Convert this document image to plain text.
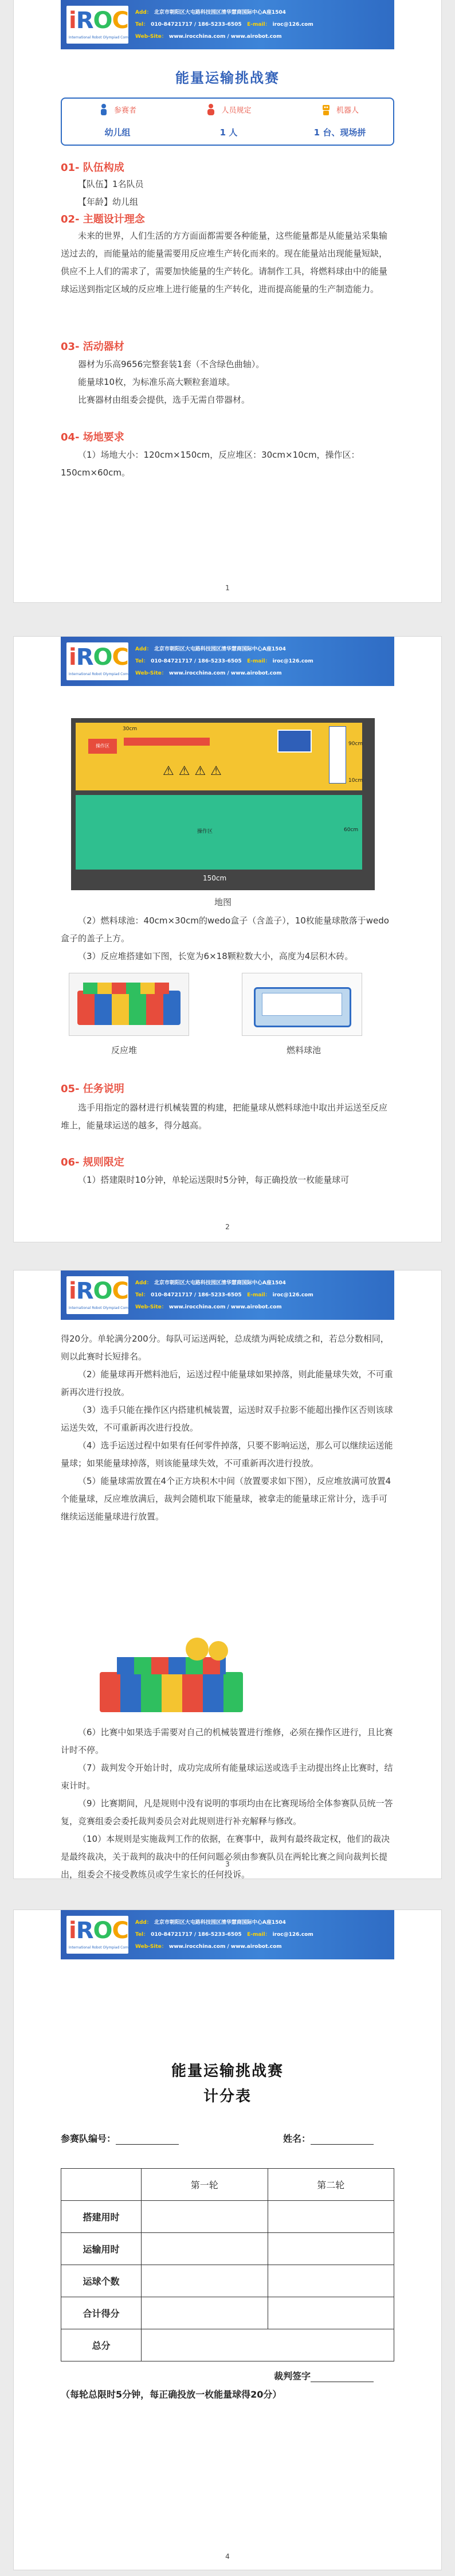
iROC
International Robot Olympiad Committee
Add： 北京市朝阳区大屯路科技园区清华慧商国际中心A座1504
Tel： 010-84721717 / 186-5233-6505 E-mail： iroc@126.com
Web-Site： www.irocchina.com / www.airobot.com
能量运输挑战赛
参赛者
幼儿组
人员规定
1 人
机器人
1 台、现场拼
01- 队伍构成

【队伍】1名队员

【年龄】幼儿组

02- 主题设计理念
未来的世界，人们生活的方方面面都需要各种能量，这些能量都是从能量站采集输送过去的，而能量站的能量需要用反应堆生产转化而来的。现在能量站出现能量短缺，供应不上人们的需求了，需要加快能量的生产转化。请制作工具，将燃料球由中的能量球运送到指定区域的反应堆上进行能量的生产转化，进而提高能量的生产制造能力。
03- 活动器材

器材为乐高9656完整套装1套（不含绿色曲轴）。

能量球10枚，为标准乐高大颗粒套道球。

比赛器材由组委会提供，选手无需自带器材。

04- 场地要求
（1）场地大小：120cm×150cm，反应堆区：30cm×10cm，操作区：150cm×60cm。
1
iROC
International Robot Olympiad Committee
Add： 北京市朝阳区大屯路科技园区清华慧商国际中心A座1504
Tel： 010-84721717 / 186-5233-6505 E-mail： iroc@126.com
Web-Site： www.irocchina.com / www.airobot.com
操作区
30cm
⚠⚠⚠⚠
90cm
10cm
操作区	60cm
150cm
地图
（2）燃料球池：40cm×30cm的wedo盒子（含盖子），10枚能量球散落于wedo盒子的盖子上方。
（3）反应堆搭建如下图，长宽为6×18颗粒数大小，高度为4层积木砖。
反应堆	燃料球池
05- 任务说明
选手用指定的器材进行机械装置的构建，把能量球从燃料球池中取出并运送至反应堆上，能量球运送的越多，得分越高。
06- 规则限定
（1）搭建限时10分钟，单轮运送限时5分钟，每正确投放一枚能量球可
2
iROC
International Robot Olympiad Committee
Add： 北京市朝阳区大屯路科技园区清华慧商国际中心A座1504
Tel： 010-84721717 / 186-5233-6505 E-mail： iroc@126.com
Web-Site： www.irocchina.com / www.airobot.com

得20分。单轮满分200分。每队可运送两轮，总成绩为两轮成绩之和，若总分数相同，则以此赛时长短排名。

（2）能量球再开燃料池后，运送过程中能量球如果掉落，则此能量球失效，不可重新再次进行投放。

（3）选手只能在操作区内搭建机械装置，运送时双手拉影不能超出操作区否则该球运送失效，不可重新再次进行投放。

（4）选手运送过程中如果有任何零件掉落，只要不影响运送，那么可以继续运送能量球；如果能量球掉落，则该能量球失效，不可重新再次进行投放。

（5）能量球需放置在4个正方块积木中间（放置要求如下图），反应堆放满可放置4个能量球，反应堆放满后，裁判会随机取下能量球，被拿走的能量球正常计分，选手可继续运送能量球进行放置。

（6）比赛中如果选手需要对自己的机械装置进行维修，必须在操作区进行，且比赛计时不停。

（7）裁判发令开始计时，成功完成所有能量球运送或选手主动提出终止比赛时，结束计时。

（9）比赛期间，凡是规则中没有说明的事项均由在比赛现场给全体参赛队员统一答复，竞赛组委会委托裁判委员会对此规则进行补充解释与修改。

（10）本规则是实施裁判工作的依据，在赛事中，裁判有最终裁定权，他们的裁决是最终裁决，关于裁判的裁决中的任何问题必须由参赛队员在两轮比赛之间向裁判长提出，组委会不接受教练员或学生家长的任何投诉。

3
iROC
International Robot Olympiad Committee
Add： 北京市朝阳区大屯路科技园区清华慧商国际中心A座1504
Tel： 010-84721717 / 186-5233-6505 E-mail： iroc@126.com
Web-Site： www.irocchina.com / www.airobot.com
能量运输挑战赛
计分表
参赛队编号：	姓名：
	第一轮	第二轮
搭建用时		
运输用时		
运球个数		
合计得分		
总分		
裁判签字
（每轮总限时5分钟，每正确投放一枚能量球得20分）
4
